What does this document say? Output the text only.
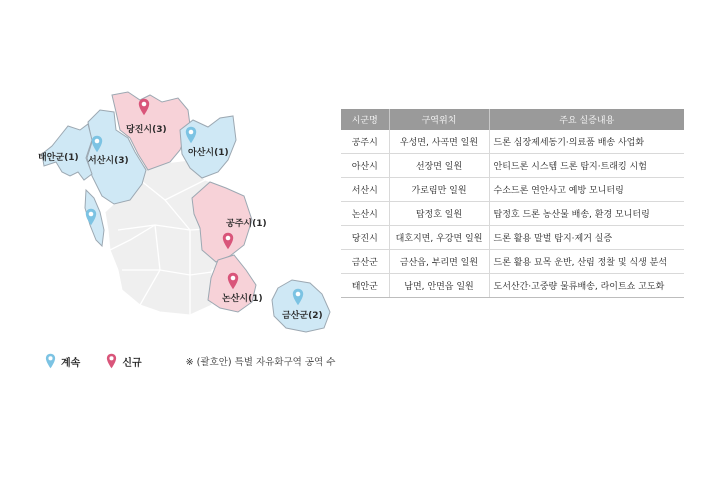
당진시(3)
태안군(1) 서산시(3)
아산시(1)
공주시(1)
논산시(1)
금산군(2)
계속	신규	※ (괄호안) 특별 자유화구역 공역 수
시군명	구역위치	주요 실증내용
공주시	우성면, 사곡면 일원	드론 심장제세동기·의료품 배송 사업화
아산시	선장면 일원	안티드론 시스템 드론 탐지·트래킹 시험
서산시	가로림만 일원	수소드론 연안사고 예방 모니터링
논산시	탑정호 일원	탑정호 드론 농산물 배송, 환경 모니터링
당진시	대호지면, 우강면 일원	드론 활용 말벌 탐지·제거 실증
금산군	금산읍, 부리면 일원	드론 활용 묘목 운반, 산림 정찰 및 식생 분석
태안군	남면, 안면읍 일원	도서산간·고중량 물류배송, 라이트쇼 고도화
